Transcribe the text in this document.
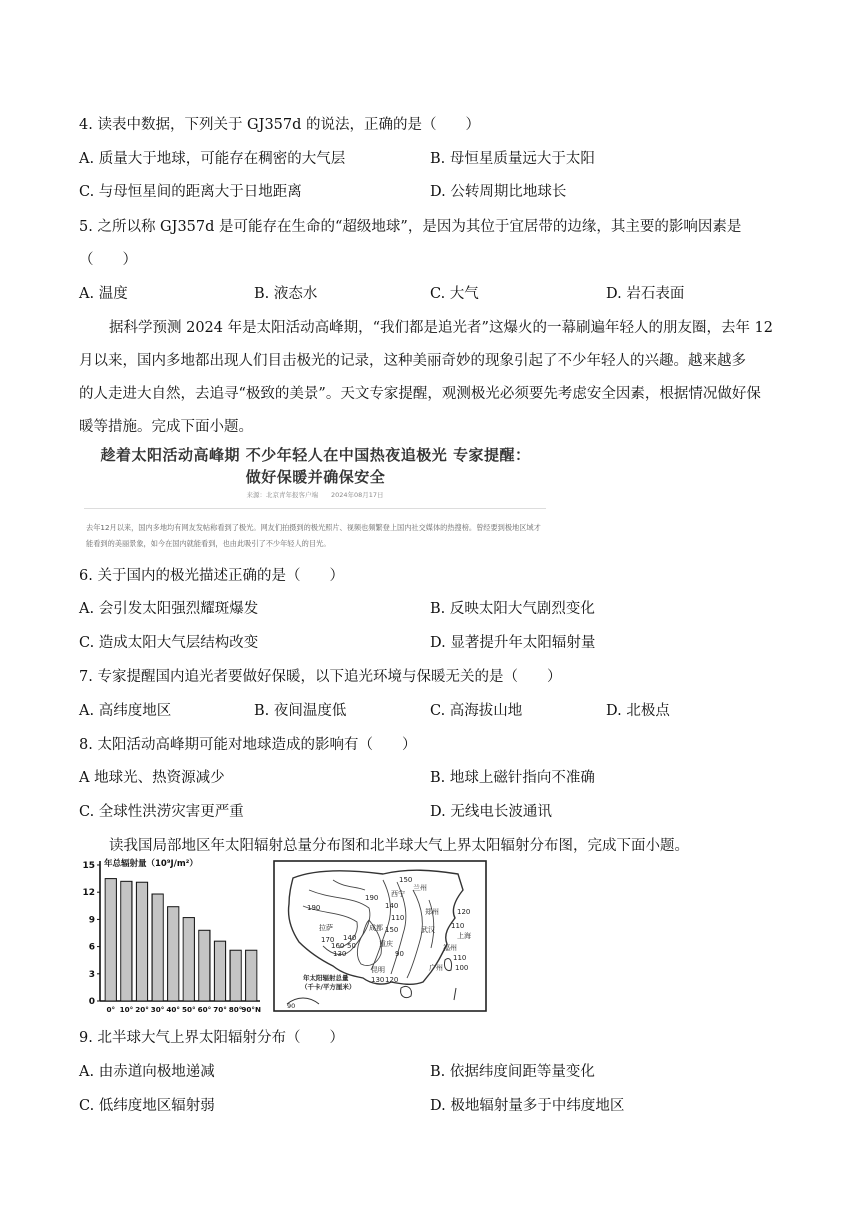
4. 读表中数据，下列关于 GJ357d 的说法，正确的是（　　）
A. 质量大于地球，可能存在稠密的大气层	B. 母恒星质量远大于太阳
C. 与母恒星间的距离大于日地距离	D. 公转周期比地球长
5. 之所以称 GJ357d 是可能存在生命的“超级地球”，是因为其位于宜居带的边缘，其主要的影响因素是
（　　）
A. 温度	B. 液态水	C. 大气	D. 岩石表面
据科学预测 2024 年是太阳活动高峰期，“我们都是追光者”这爆火的一幕刷遍年轻人的朋友圈，去年 12
月以来，国内多地都出现人们目击极光的记录，这种美丽奇妙的现象引起了不少年轻人的兴趣。越来越多
的人走进大自然，去追寻“极致的美景”。天文专家提醒，观测极光必须要先考虑安全因素，根据情况做好保
暖等措施。完成下面小题。
趁着太阳活动高峰期 不少年轻人在中国热夜追极光 专家提醒：
做好保暖并确保安全
来源：北京青年报客户端　　2024年08月17日
去年12月以来，国内多地均有网友发帖称看到了极光。网友们拍摄到的极光照片、视频也频繁登上国内社交媒体的热搜榜。曾经要到极地区域才能看到的美丽景象，如今在国内就能看到，也由此吸引了不少年轻人的目光。
6. 关于国内的极光描述正确的是（　　）
A. 会引发太阳强烈耀斑爆发	B. 反映太阳大气剧烈变化
C. 造成太阳大气层结构改变	D. 显著提升年太阳辐射量
7. 专家提醒国内追光者要做好保暖，以下追光环境与保暖无关的是（　　）
A. 高纬度地区	B. 夜间温度低	C. 高海拔山地	D. 北极点
8. 太阳活动高峰期可能对地球造成的影响有（　　）
A 地球光、热资源减少	B. 地球上磁针指向不准确
C. 全球性洪涝灾害更严重	D. 无线电长波通讯
读我国局部地区年太阳辐射总量分布图和北半球大气上界太阳辐射分布图，完成下面小题。
0
3
6
9
12
15 年总辐射量（10⁹J/m²）
0° 10° 20° 30° 40° 50° 60° 70° 80°
90°N
150
兰州
190
190 西宁
140
郑州	120
110
150	110
武汉
上海
拉萨	成都
重庆
90
170
160 50
140
130
福州
110
昆明
130 120
广州 100
年太阳辐射总量
（千卡/平方厘米）
90
9. 北半球大气上界太阳辐射分布（　　）
A. 由赤道向极地递减	B. 依据纬度间距等量变化
C. 低纬度地区辐射弱	D. 极地辐射量多于中纬度地区
